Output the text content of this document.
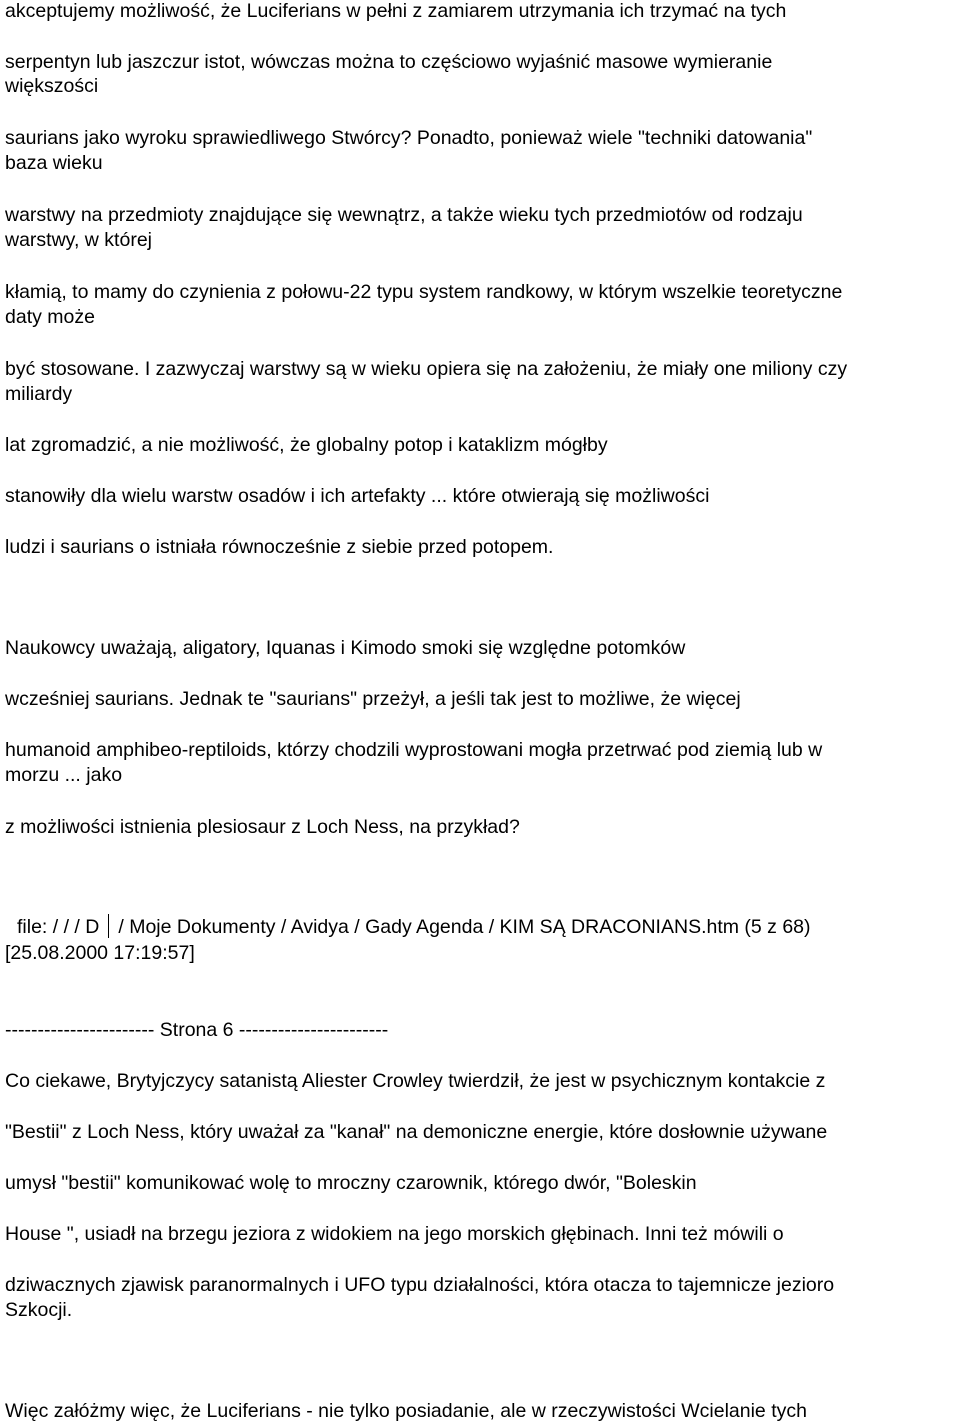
akceptujemy możliwość, że Luciferians w pełni z zamiarem utrzymania ich trzymać na tych
serpentyn lub jaszczur istot, wówczas można to częściowo wyjaśnić masowe wymieranie
większości
saurians jako wyroku sprawiedliwego Stwórcy? Ponadto, ponieważ wiele "techniki datowania"
baza wieku
warstwy na przedmioty znajdujące się wewnątrz, a także wieku tych przedmiotów od rodzaju
warstwy, w której
kłamią, to mamy do czynienia z połowu-22 typu system randkowy, w którym wszelkie teoretyczne
daty może
być stosowane. I zazwyczaj warstwy są w wieku opiera się na założeniu, że miały one miliony czy
miliardy
lat zgromadzić, a nie możliwość, że globalny potop i kataklizm mógłby
stanowiły dla wielu warstw osadów i ich artefakty ... które otwierają się możliwości
ludzi i saurians o istniała równocześnie z siebie przed potopem.
Naukowcy uważają, aligatory, Iquanas i Kimodo smoki się względne potomków
wcześniej saurians. Jednak te "saurians" przeżył, a jeśli tak jest to możliwe, że więcej
humanoid amphibeo-reptiloids, którzy chodzili wyprostowani mogła przetrwać pod ziemią lub w
morzu ... jako
z możliwości istnienia plesiosaur z Loch Ness, na przykład?
file: / / / D / Moje Dokumenty / Avidya / Gady Agenda / KIM SĄ DRACONIANS.htm (5 z 68)
[25.08.2000 17:19:57]
----------------------- Strona 6 -----------------------
Co ciekawe, Brytyjczycy satanistą Aliester Crowley twierdził, że jest w psychicznym kontakcie z
"Bestii" z Loch Ness, który uważał za "kanał" na demoniczne energie, które dosłownie używane
umysł "bestii" komunikować wolę to mroczny czarownik, którego dwór, "Boleskin
House ", usiadł na brzegu jeziora z widokiem na jego morskich głębinach. Inni też mówili o
dziwacznych zjawisk paranormalnych i UFO typu działalności, która otacza to tajemnicze jezioro
Szkocji.
Więc załóżmy więc, że Luciferians - nie tylko posiadanie, ale w rzeczywistości Wcielanie tych
